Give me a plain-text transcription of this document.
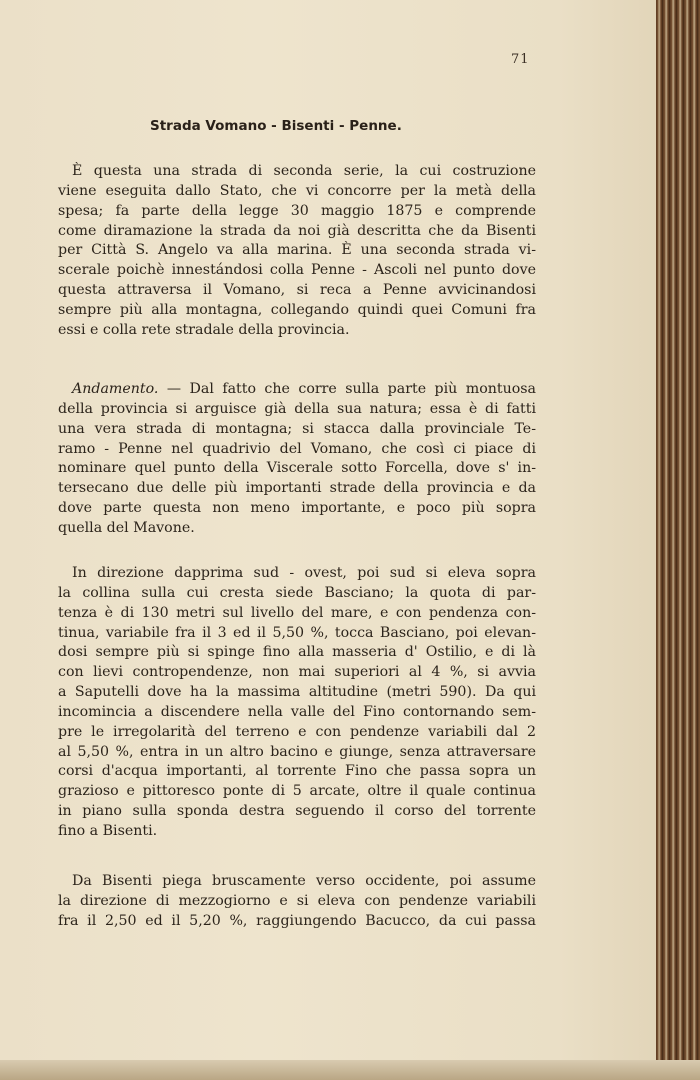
71
Strada Vomano - Bisenti - Penne.
È questa una strada di seconda serie, la cui costruzione
viene eseguita dallo Stato, che vi concorre per la metà della
spesa; fa parte della legge 30 maggio 1875 e comprende
come diramazione la strada da noi già descritta che da Bisenti
per Città S. Angelo va alla marina. È una seconda strada vi-
scerale poichè innestándosi colla Penne - Ascoli nel punto dove
questa attraversa il Vomano, si reca a Penne avvicinandosi
sempre più alla montagna, collegando quindi quei Comuni fra
essi e colla rete stradale della provincia.
Andamento. — Dal fatto che corre sulla parte più montuosa
della provincia si arguisce già della sua natura; essa è di fatti
una vera strada di montagna; si stacca dalla provinciale Te-
ramo - Penne nel quadrivio del Vomano, che così ci piace di
nominare quel punto della Viscerale sotto Forcella, dove s' in-
tersecano due delle più importanti strade della provincia e da
dove parte questa non meno importante, e poco più sopra
quella del Mavone.
In direzione dapprima sud - ovest, poi sud si eleva sopra
la collina sulla cui cresta siede Basciano; la quota di par-
tenza è di 130 metri sul livello del mare, e con pendenza con-
tinua, variabile fra il 3 ed il 5,50 %, tocca Basciano, poi elevan-
dosi sempre più si spinge fino alla masseria d' Ostilio, e di là
con lievi contropendenze, non mai superiori al 4 %, si avvia
a Saputelli dove ha la massima altitudine (metri 590). Da qui
incomincia a discendere nella valle del Fino contornando sem-
pre le irregolarità del terreno e con pendenze variabili dal 2
al 5,50 %, entra in un altro bacino e giunge, senza attraversare
corsi d'acqua importanti, al torrente Fino che passa sopra un
grazioso e pittoresco ponte di 5 arcate, oltre il quale continua
in piano sulla sponda destra seguendo il corso del torrente
fino a Bisenti.
Da Bisenti piega bruscamente verso occidente, poi assume
la direzione di mezzogiorno e si eleva con pendenze variabili
fra il 2,50 ed il 5,20 %, raggiungendo Bacucco, da cui passa
